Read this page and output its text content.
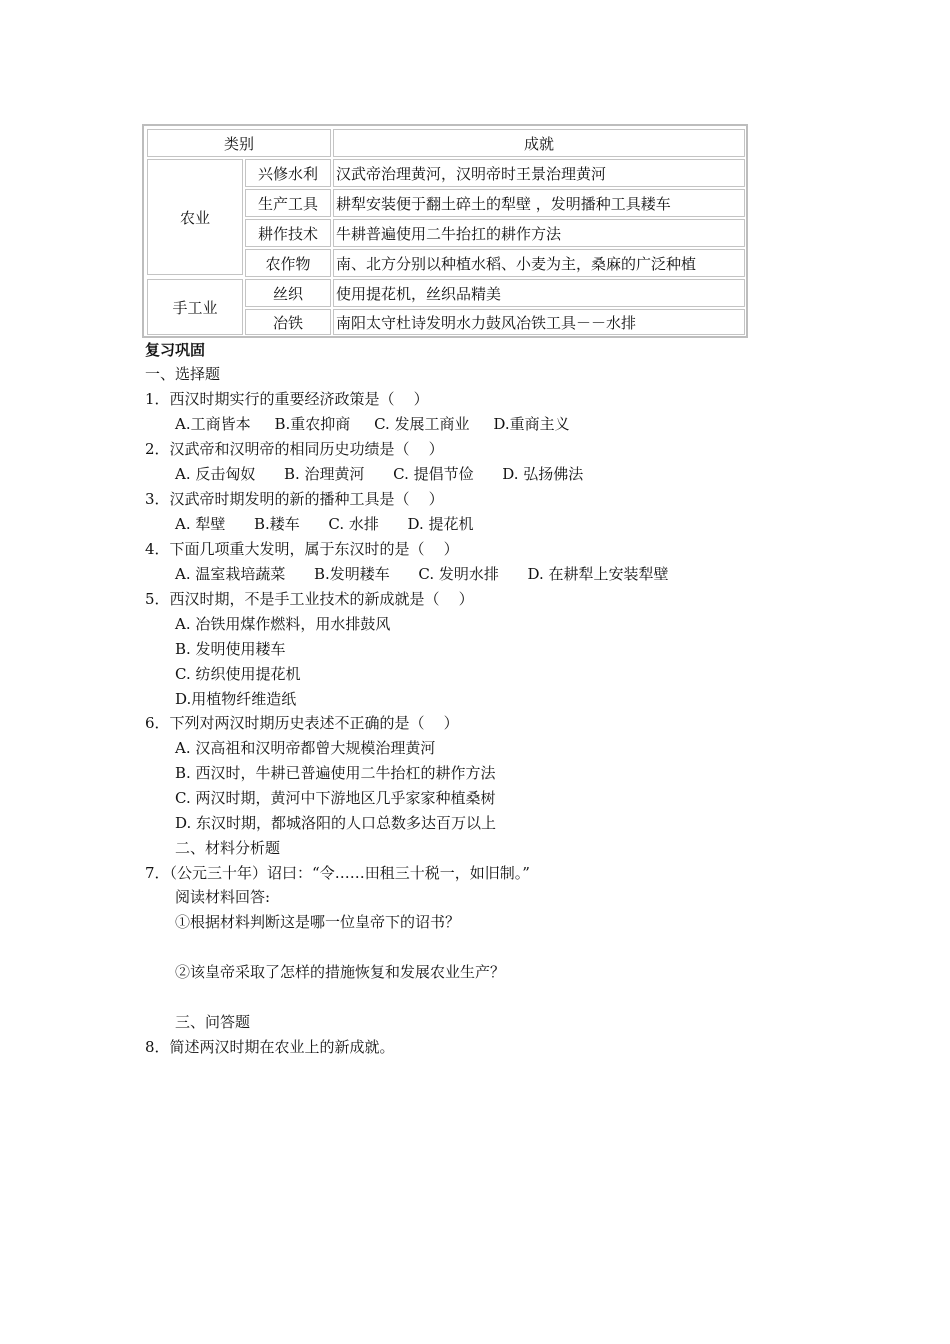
类别	成就
农业
兴修水利	汉武帝治理黄河，汉明帝时王景治理黄河
生产工具	耕犁安装便于翻土碎土的犁壁 ，发明播种工具耧车
耕作技术	牛耕普遍使用二牛抬扛的耕作方法
农作物	南、北方分别以种植水稻、小麦为主，桑麻的广泛种植
手工业
丝织	使用提花机，丝织品精美
冶铁	南阳太守杜诗发明水力鼓风冶铁工具－－水排
复习巩固
一、选择题
1．西汉时期实行的重要经济政策是（    ）
A.工商皆本     B.重农抑商     C. 发展工商业     D.重商主义
2．汉武帝和汉明帝的相同历史功绩是（    ）
A. 反击匈奴      B. 治理黄河      C. 提倡节俭      D. 弘扬佛法
3．汉武帝时期发明的新的播种工具是（    ）
A. 犁壁      B.耧车      C. 水排      D. 提花机
4．下面几项重大发明，属于东汉时的是（    ）
A. 温室栽培蔬菜      B.发明耧车      C. 发明水排      D. 在耕犁上安装犁壁
5．西汉时期，不是手工业技术的新成就是（    ）
A. 冶铁用煤作燃料，用水排鼓风
B. 发明使用耧车
C. 纺织使用提花机
D.用植物纤维造纸
6．下列对两汉时期历史表述不正确的是（    ）
A. 汉高祖和汉明帝都曾大规模治理黄河
B. 西汉时，牛耕已普遍使用二牛抬杠的耕作方法
C. 两汉时期，黄河中下游地区几乎家家种植桑树
D. 东汉时期，都城洛阳的人口总数多达百万以上
二、材料分析题
7．（公元三十年）诏曰：“令……田租三十税一，如旧制。”
阅读材料回答:
①根据材料判断这是哪一位皇帝下的诏书？
②该皇帝采取了怎样的措施恢复和发展农业生产？
三、问答题
8．简述两汉时期在农业上的新成就。
